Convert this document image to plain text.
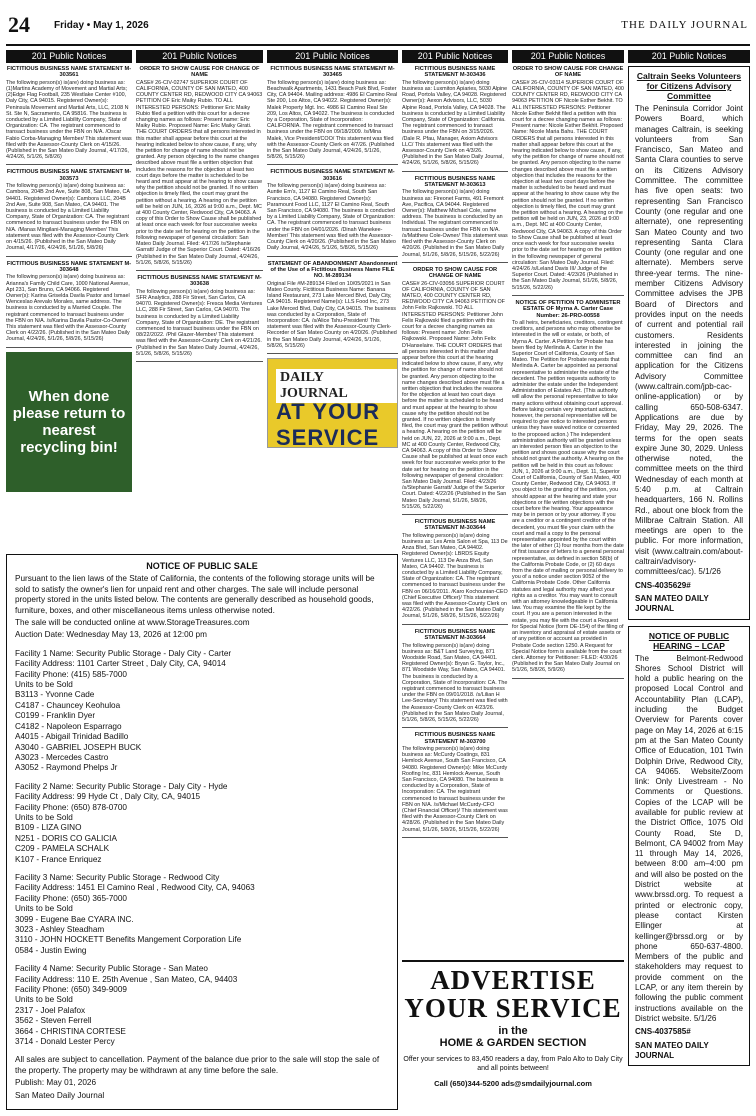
24 Friday • May 1, 2026	THE DAILY JOURNAL
201 Public Notices
FICTITIOUS BUSINESS NAME STATEMENT M-303561
The following person(s) is(are) doing business as: (1)Martins Academy of Movement and Martial Arts; (2)Edge Flag Football, 235 Westlake Center #100, Daly City, CA 94015. Registered Owner(s): Peninsula Movement and Martial Arts, LLC, 2108 N St. Ste N, Sacramento, CA 95816. The business is conducted by a Limited Liability Company, State of Organization: CA. The registrant commenced to transact business under the FBN on N/A. /Oscar Fabio Corba-Managing Member/ This statement was filed with the Assessor-County Clerk on 4/15/26. (Published in the San Mateo Daily Journal, 4/17/26, 4/24/26, 5/1/26, 5/8/26)
FICTITIOUS BUSINESS NAME STATEMENT M-303573
The following person(s) is(are) doing business as: Cambora, 204B 2nd Ave, Suite 808, San Mateo, CA 94401. Registered Owner(s): Cambora LLC, 204B 2nd Ave, Suite 908, San Mateo, CA 94401. The business is conducted by a Limited Liability Company, State of Organization: CA. The registrant commenced to transact business under the FBN on N/A. /Manas Mingilani-Managing Member/ This statement was filed with the Assessor-County Clerk on 4/15/26. (Published in the San Mateo Daily Journal, 4/17/26, 4/24/26, 5/1/26, 5/8/26)
FICTITIOUS BUSINESS NAME STATEMENT M-303648
The following person(s) is(are) doing business as: Arianna's Family Child Care, 1000 National Avenue, Apt 231, San Bruno, CA 94066. Registered Owner(s): Karina Griselda Davila Pastor and Ismael Wenceslao Arevalo Morales, same address. The business is conducted by a Married Couple. The registrant commenced to transact business under the FBN on N/A. /s/Karina Davila Pastor-Co-Owner/ This statement was filed with the Assessor-County Clerk on 4/22/26. (Published in the San Mateo Daily Journal, 4/24/26, 5/1/26, 5/8/26, 5/15/26)
When done please return to nearest recycling bin!
201 Public Notices
ORDER TO SHOW CAUSE FOR CHANGE OF NAME
CASE# 26-CIV-02747 SUPERIOR COURT OF CALIFORNIA, COUNTY OF SAN MATEO, 400 COUNTY CENTER RD, REDWOOD CITY CA 94063 PETITION OF Eric Maiky Rubio. TO ALL INTERESTED PERSONS: Petitioner Eric Maiky Rubio filed a petition with this court for a decree changing names as follows: Present name: Eric Maiky Rubio. Proposed Name: Eric Maiky Girati. THE COURT ORDERS that all persons interested in this matter shall appear before this court at the hearing indicated below to show cause, if any, why the petition for change of name should not be granted. Any person objecting to the name changes described above must file a written objection that includes the reasons for the objection at least two court days before the matter is scheduled to be heard and must appear at the hearing to show cause why the petition should not be granted. If no written objection is timely filed, the court may grant the petition without a hearing. A hearing on the petition will be held on JUN, 16, 2026 at 9:00 a.m., Dept. MC at 400 County Center, Redwood City, CA 94063. A copy of this Order to Show Cause shall be published at least once each week for four successive weeks prior to the date set for hearing on the petition in the following newspaper of general circulation: San Mateo Daily Journal. Filed: 4/17/26 /s/Stephanie Garratt/ Judge of the Superior Court. Dated: 4/16/26 (Published in the San Mateo Daily Journal, 4/24/26, 5/1/26, 5/8/26, 5/15/26)
FICTITIOUS BUSINESS NAME STATEMENT M-303638
The following person(s) is(are) doing business as: SFR Analytics, 288 Fir Street, San Carlos, CA 94070. Registered Owner(s): Fresca Media Ventures LLC, 288 Fir Street, San Carlos, CA 94070. The business is conducted by a Limited Liability Company, State of Organization: DE. The registrant commenced to transact business under the FBN on 08/22/2022. /Phil Glazer-Member/ This statement was filed with the Assessor-County Clerk on 4/21/26. (Published in the San Mateo Daily Journal, 4/24/26, 5/1/26, 5/8/26, 5/15/26)
201 Public Notices
FICTITIOUS BUSINESS NAME STATEMENT M-303465
The following person(s) is(are) doing business as: Beachwalk Apartments, 1431 Beach Park Blvd, Foster City, CA 94404. Mailing address: 4986 El Camino Real Ste 200, Los Altos, CA 94022. Registered Owner(s): Malek Property Mgt. Inc. 4986 El Camino Real Ste 209, Los Altos, CA 94022. The business is conducted by a Corporation, State of Incorporation: CALIFORNIA. The registrant commenced to transact business under the FBN on 09/18/2009. /s/Mina Malek, Vice President/COO/ This statement was filed with the Assessor-County Clerk on 4/7/26. (Published in the San Mateo Daily Journal, 4/24/26, 5/1/26, 5/8/26, 5/15/26)
FICTITIOUS BUSINESS NAME STATEMENT M-303616
The following person(s) is(are) doing business as: Auntie Em's, 1127 El Camino Real, South San Francisco, CA 94080. Registered Owner(s): Paramount Food LLC, 1127 El Camino Real, South San Francisco, CA 94080. The business is conducted by a Limited Liability Company, State of Organization: CA. The registrant commenced to transact business under the FBN on 04/01/2026. /Dinah Wanekee-Member/ This statement was filed with the Assessor-County Clerk on 4/20/26. (Published in the San Mateo Daily Journal, 4/24/26, 5/1/26, 5/8/26, 5/15/26)
STATEMENT OF ABANDONMENT Abandonment of the Use of a Fictitious Business Name FILE NO. M-289134
Original File #M-289134 Filed on 10/05/2021 in San Mateo County. Fictitious Business Name: Banana Island Restaurant, 273 Lake Merced Blvd, Daly City, CA 94015. Registered Name(s): LLS Food Inc, 273 Lake Merced Blvd, Daly City, CA 94015. The business was conducted by a Corporation, State of Incorporation: CA. /s/Alice Tshu-President/ This statement was filed with the Assessor-County Clerk-Recorder of San Mateo County on 4/20/26. (Published in the San Mateo Daily Journal, 4/24/26, 5/1/26, 5/8/26, 5/15/26)
DAILY JOURNAL
AT YOUR SERVICE
201 Public Notices
FICTITIOUS BUSINESS NAME STATEMENT M-303436
The following person(s) is(are) doing business as: Luxmiton Apiaries, 5030 Alpine Road, Portola Valley, CA 94028. Registered Owner(s): Aexon Advisors, LLC, 5030 Alpine Road, Portola Valley, CA 94028. The business is conducted by a Limited Liability Company, State of Organization: California. The registrant commenced to transact business under the FBN on 3/15/2026. /Dale R. Pfau, Manager, Axiom Advisors LLC/ This statement was filed with the Assessor-County Clerk on 4/3/26. (Published in the San Mateo Daily Journal, 4/24/26, 5/1/26, 5/8/26, 5/15/26)
FICTITIOUS BUSINESS NAME STATEMENT M-303613
The following person(s) is(are) doing business as: Fireonet Farms, 491 Fremont Ave, Pacifica, CA 94044. Registered Owner(s): Matthew Michael Cole, same address. The business is conducted by an Individual. The registrant commenced to transact business under the FBN on N/A. /s/Matthew Cole-Owner/ This statement was filed with the Assessor-County Clerk on 4/20/26. (Published in the San Mateo Daily Journal, 5/1/26, 5/8/26, 5/15/26, 5/22/26)
ORDER TO SHOW CAUSE FOR CHANGE OF NAME
CASE# 26-CIV-03056 SUPERIOR COURT OF CALIFORNIA, COUNTY OF SAN MATEO, 400 COUNTY CENTER RD, REDWOOD CITY CA 94063 PETITION OF John Felix Rajkowski. TO ALL INTERESTED PERSONS: Petitioner John Felix Rajkowski filed a petition with this court for a decree changing names as follows: Present name: John Felix Rajkowski. Proposed Name: John Felix D'Hanselaire. THE COURT ORDERS that all persons interested in this matter shall appear before this court at the hearing indicated below to show cause, if any, why the petition for change of name should not be granted. Any person objecting to the name changes described above must file a written objection that includes the reasons for the objection at least two court days before the matter is scheduled to be heard and must appear at the hearing to show cause why the petition should not be granted. If no written objection is timely filed, the court may grant the petition without a hearing. A hearing on the petition will be held on JUN, 22, 2026 at 9:00 a.m., Dept. MC at 400 County Center, Redwood City, CA 94063. A copy of this Order to Show Cause shall be published at least once each week for four successive weeks prior to the date set for hearing on the petition in the following newspaper of general circulation: San Mateo Daily Journal. Filed: 4/23/26 /s/Stephanie Garratt/ Judge of the Superior Court. Dated: 4/22/26 (Published in the San Mateo Daily Journal, 5/1/26, 5/8/26, 5/15/26, 5/22/26)
FICTITIOUS BUSINESS NAME STATEMENT M-303644
The following person(s) is(are) doing business as: Les Amis Salon et Spa, 113 De Anza Blvd, San Mateo, CA 94402. Registered Owner(s): LBRDS Equity Ventures LLC, 113 De Anza Blvd, San Mateo, CA 94402. The business is conducted by a Limited Liability Company, State of Organization: CA. The registrant commenced to transact business under the FBN on 06/16/2011. /Karo Kochounian-CEO (Chief Executive Officer)/ This statement was filed with the Assessor-County Clerk on 4/22/26. (Published in the San Mateo Daily Journal, 5/1/26, 5/8/26, 5/15/26, 5/22/26)
FICTITIOUS BUSINESS NAME STATEMENT M-303664
The following person(s) is(are) doing business as: B&T Land Surveying, 871 Woodside Road, San Mateo, CA 94401. Registered Owner(s): Bryan G. Taylor, Inc., 871 Woodside Way, San Mateo, CA 94401. The business is conducted by a Corporation, State of Incorporation: CA. The registrant commenced to transact business under the FBN on 09/01/2018. /s/Lilian H Lee-Secretary/ This statement was filed with the Assessor-County Clerk on 4/23/26. (Published in the San Mateo Daily Journal, 5/1/26, 5/8/26, 5/15/26, 5/22/26)
FICTITIOUS BUSINESS NAME STATEMENT M-303700
The following person(s) is(are) doing business as: McCurdy Coatings, 831 Hemlock Avenue, South San Francisco, CA 94080. Registered Owner(s): Mike McCurdy Roofing Inc, 831 Hemlock Avenue, South San Francisco, CA 94080. The business is conducted by a Corporation, State of Incorporation: CA. The registrant commenced to transact business under the FBN on N/A. /s/Michael McCurdy-CFO (Chief Financial Officer)/ This statement was filed with the Assessor-County Clerk on 4/28/26. (Published in the San Mateo Daily Journal, 5/1/26, 5/8/26, 5/15/26, 5/22/26)
201 Public Notices
ORDER TO SHOW CAUSE FOR CHANGE OF NAME
CASE# 26-CIV-03114 SUPERIOR COURT OF CALIFORNIA, COUNTY OF SAN MATEO, 400 COUNTY CENTER RD, REDWOOD CITY CA 94063 PETITION OF Nicole Esther Bekhit. TO ALL INTERESTED PERSONS: Petitioner Nicole Esther Bekhit filed a petition with this court for a decree changing names as follows: Present name: Nicole Esther Bekhit. Proposed Name: Nicole Maria Bahu. THE COURT ORDERS that all persons interested in this matter shall appear before this court at the hearing indicated below to show cause, if any, why the petition for change of name should not be granted. Any person objecting to the name changes described above must file a written objection that includes the reasons for the objection at least two court days before the matter is scheduled to be heard and must appear at the hearing to show cause why the petition should not be granted. If no written objection is timely filed, the court may grant the petition without a hearing. A hearing on the petition will be held on JUN, 23, 2026 at 9:00 a.m., Dept. MC at 400 County Center, Redwood City, CA 94063. A copy of this Order to Show Cause shall be published at least once each week for four successive weeks prior to the date set for hearing on the petition in the following newspaper of general circulation: San Mateo Daily Journal. Filed: 4/24/26 /s/Leland Davis III/ Judge of the Superior Court. Dated: 4/23/26 (Published in the San Mateo Daily Journal, 5/1/26, 5/8/26, 5/15/26, 5/22/26)
NOTICE OF PETITION TO ADMINISTER ESTATE OF Myrna A. Carter Case Number: 26-PRO-00558
To all heirs, beneficiaries, creditors, contingent creditors, and persons who may otherwise be interested in the will or estate, or both, of Myrna A. Carter. A Petition for Probate has been filed by Merlinda A. Carter in the Superior Court of California, County of San Mateo. The Petition for Probate requests that Merlinda A. Carter be appointed as personal representative to administer the estate of the decedent. The petition requests authority to administer the estate under the Independent Administration of Estates Act. (This authority will allow the personal representative to take many actions without obtaining court approval. Before taking certain very important actions, however, the personal representative will be required to give notice to interested persons unless they have waived notice or consented to the proposed action.) The independent administration authority will be granted unless an interested person files an objection to the petition and shows good cause why the court should not grant the authority. A hearing on the petition will be held in this court as follows: JUN, 1, 2026 at 9:00 a.m., Dept. 11, Superior Court of California, County of San Mateo, 400 County Center, Redwood City, CA 94063. If you object to the granting of the petition, you should appear at the hearing and state your objections or file written objections with the court before the hearing. Your appearance may be in person or by your attorney. If you are a creditor or a contingent creditor of the decedent, you must file your claim with the court and mail a copy to the personal representative appointed by the court within the later of either (1) four months from the date of first issuance of letters to a general personal representative, as defined in section 58(b) of the California Probate Code, or (2) 60 days from the date of mailing or personal delivery to you of a notice under section 9052 of the California Probate Code. Other California statutes and legal authority may affect your rights as a creditor. You may want to consult with an attorney knowledgeable in California law. You may examine the file kept by the court. If you are a person interested in the estate, you may file with the court a Request for Special Notice (form DE-154) of the filing of an inventory and appraisal of estate assets or of any petition or account as provided in Probate Code section 1250. A Request for Special Notice form is available from the court clerk. Attorney for Petitioner: FILED: 4/30/26 (Published in the San Mateo Daily Journal on 5/1/26, 5/8/26, 5/9/26)
201 Public Notices
Caltrain Seeks Volunteers for Citizens Advisory Committee
The Peninsula Corridor Joint Powers Board, which manages Caltrain, is seeking volunteers from San Francisco, San Mateo and Santa Clara counties to serve on its Citizens Advisory Committee. The committee has five open seats: two representing San Francisco County (one regular and one alternate), one representing San Mateo County and two representing Santa Clara County (one regular and one alternate). Members serve three-year terms. The nine-member Citizens Advisory Committee advises the JPB Board of Directors and provides input on the needs of current and potential rail customers. Residents interested in joining the committee can find an application for the Citizens Advisory Committee (www.caltrain.com/jpb-cac-online-application) or by calling 650-508-6347. Applications are due by Friday, May 29, 2026. The terms for the open seats expire June 30, 2029. Unless otherwise noted, the committee meets on the third Wednesday of each month at 5:40 p.m. at Caltrain headquarters, 166 N. Rollins Rd., about one block from the Millbrae Caltrain Station. All meetings are open to the public. For more information, visit (www.caltrain.com/about-caltrain/advisory-committees/cac). 5/1/26
CNS-4035629#
SAN MATEO DAILY JOURNAL
NOTICE OF PUBLIC HEARING – LCAP
The Belmont-Redwood Shores School District will hold a public hearing on the proposed Local Control and Accountability Plan (LCAP), including the Budget Overview for Parents cover page on May 14, 2026 at 6:15 pm at the San Mateo County Office of Education, 101 Twin Dolphin Drive, Redwood City, CA 94065. Website/Zoom link: Only Livestream - No Comments or Questions. Copies of the LCAP will be available for public review at the District Office, 1075 Old County Road, Ste D, Belmont, CA 94002 from May 11 through May 14, 2026, between 8:00 am–4:00 pm and will also be posted on the District website at www.brssd.org. To request a printed or electronic copy, please contact Kirsten Ellinger at kellinger@brssd.org or by phone 650-637-4800. Members of the public and stakeholders may request to provide comment on the LCAP, or any item therein by following the public comment instructions available on the District website. 5/1/26
CNS-4037585#
SAN MATEO DAILY JOURNAL
NOTICE OF PUBLIC SALE

Pursuant to the lien laws of the State of California, the contents of the following storage units will be sold to satisfy the owner's lien for unpaid rent and other charges. The sale will include personal property stored in the units listed below. The contents are generally described as household goods, furniture, boxes, and other miscellaneous items unless otherwise noted.

The sale will be conducted online at www.StorageTreasures.com

Auction Date: Wednesday May 13, 2026 at 12:00 pm

Facility 1 Name: Security Public Storage - Daly City - Carter
Facility Address: 1101 Carter Street , Daly City, CA, 94014
Facility Phone: (415) 585-7000
Units to be Sold
B3113 - Yvonne Cade
C4187 - Chauncey Keohuloa
C0199 - Franklin Dyer
C4182 - Napoleon Esparrago
A4015 - Abigail Trinidad Badillo
A3040 - GABRIEL JOSEPH BUCK
A3023 - Mercedes Castro
A3052 - Raymond Phelps Jr
Facility 2 Name: Security Public Storage - Daly City - Hyde
Facility Address: 99 Hyde Ct , Daly City, CA, 94015
Facility Phone: (650) 878-0700
Units to be Sold
B109 - LIZA GINO
N251 - DORIS CO GALICIA
C209 - PAMELA SCHALK
K107 - France Enriquez
Facility 3 Name: Security Public Storage - Redwood City
Facility Address: 1451 El Camino Real , Redwood City, CA, 94063
Facility Phone: (650) 365-7000
Units to be Sold
3099 - Eugene Bae CYARA INC.
3023 - Ashley Steadham
3110 - JOHN HOCKETT Benefits Mangement Corporation Life
0584 - Justin Ewing
Facility 4 Name: Security Public Storage - San Mateo
Facility Address: 110 E. 25th Avenue , San Mateo, CA, 94403
Facility Phone: (650) 349-9009
Units to be Sold
2317 - Joel Palafox
3562 - Steven Ferrell
3664 - CHRISTINA CORTESE
3714 - Donald Lester Percy

All sales are subject to cancellation. Payment of the balance due prior to the sale will stop the sale of the property. The property may be withdrawn at any time before the sale.

Publish: May 01, 2026

San Mateo Daily Journal

ADVERTISE
YOUR SERVICE
in the
HOME & GARDEN SECTION
Offer your services to 83,450 readers a day, from Palo Alto to Daly City and all points between!
Call (650)344-5200 ads@smdailyjournal.com
